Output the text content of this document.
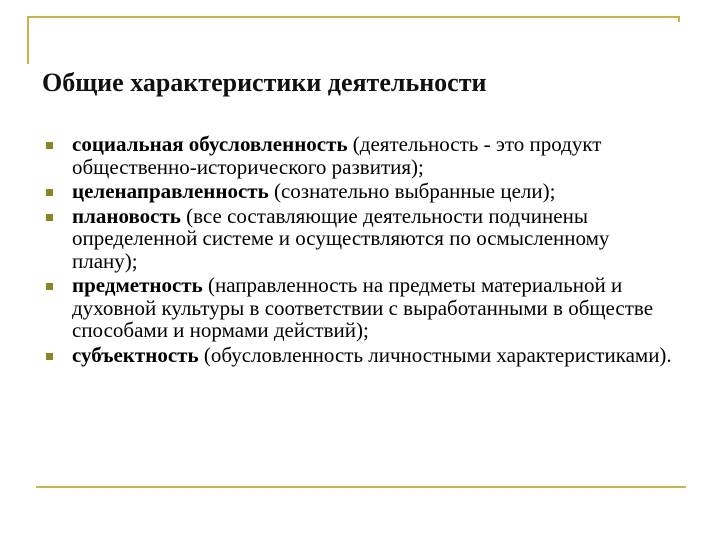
Общие характеристики деятельности
социальная обусловленность (деятельность - это продукт общественно-исторического развития);
целенаправленность (сознательно выбранные цели);
плановость (все составляющие деятельности подчинены определенной системе и осуществляются по осмысленному плану);
предметность (направленность на предметы материальной и духовной культуры в соответствии с выработанными в обществе способами и нормами действий);
субъектность (обусловленность личностными характеристиками).
